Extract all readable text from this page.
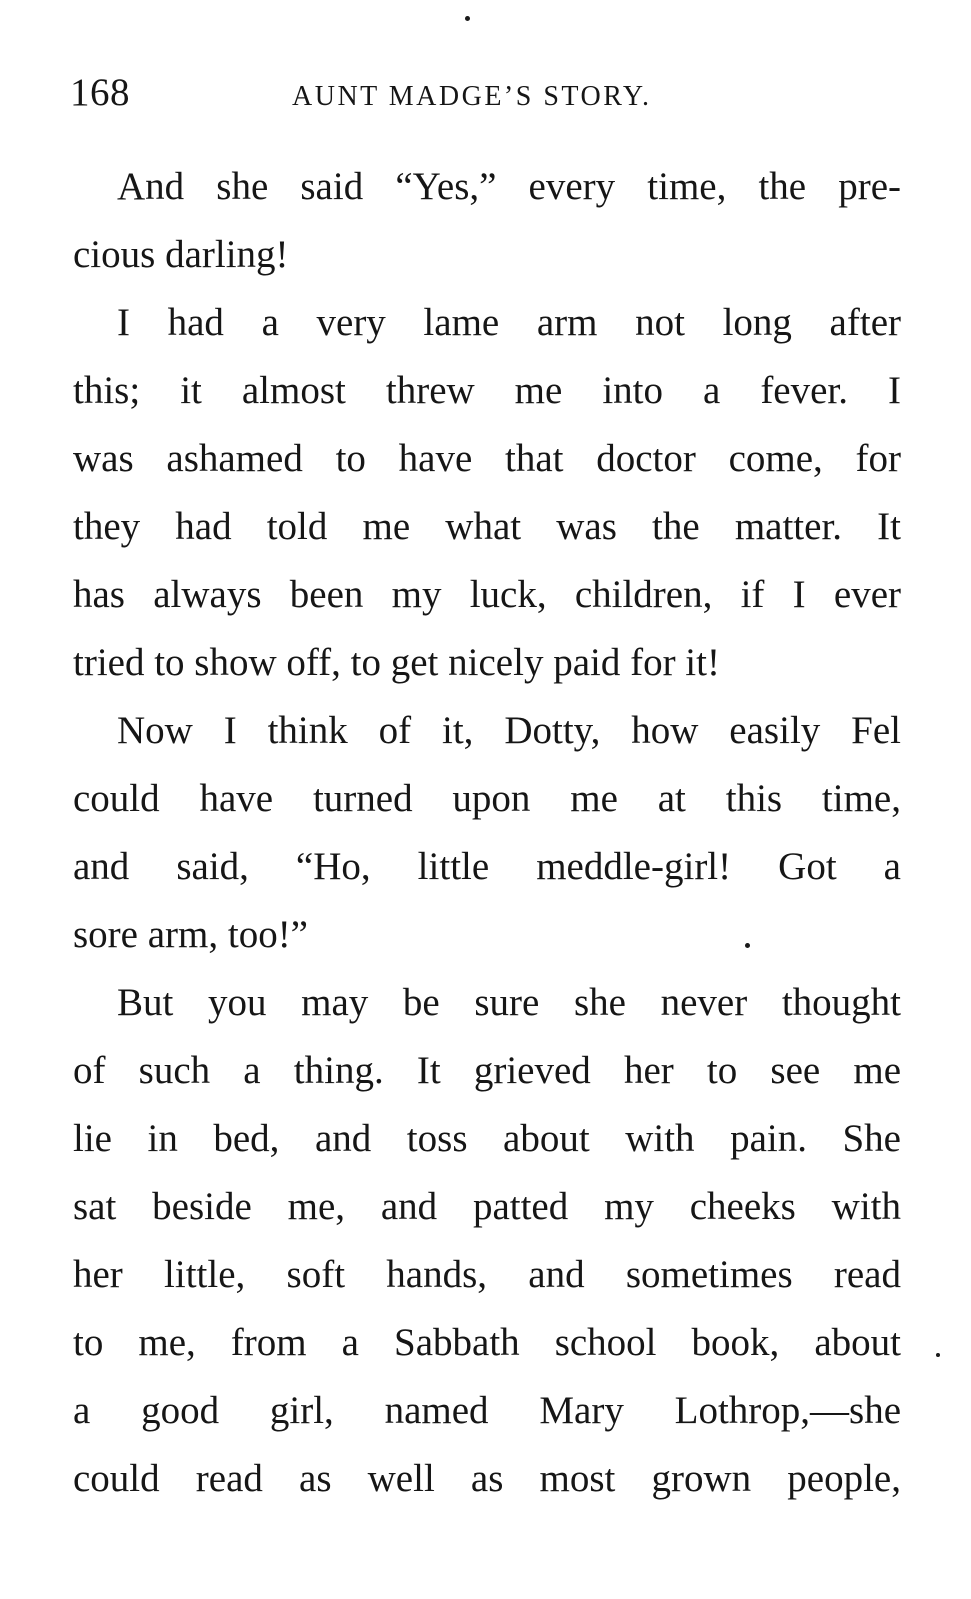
168	AUNT MADGE’S STORY.
And she said “Yes,” every time, the pre-
cious darling!
I had a very lame arm not long after
this; it almost threw me into a fever. I
was ashamed to have that doctor come, for
they had told me what was the matter. It
has always been my luck, children, if I ever
tried to show off, to get nicely paid for it!
Now I think of it, Dotty, how easily Fel
could have turned upon me at this time,
and said, “Ho, little meddle-girl! Got a
sore arm, too!”
But you may be sure she never thought
of such a thing. It grieved her to see me
lie in bed, and toss about with pain. She
sat beside me, and patted my cheeks with
her little, soft hands, and sometimes read
to me, from a Sabbath school book, about
a good girl, named Mary Lothrop,—she
could read as well as most grown people,
